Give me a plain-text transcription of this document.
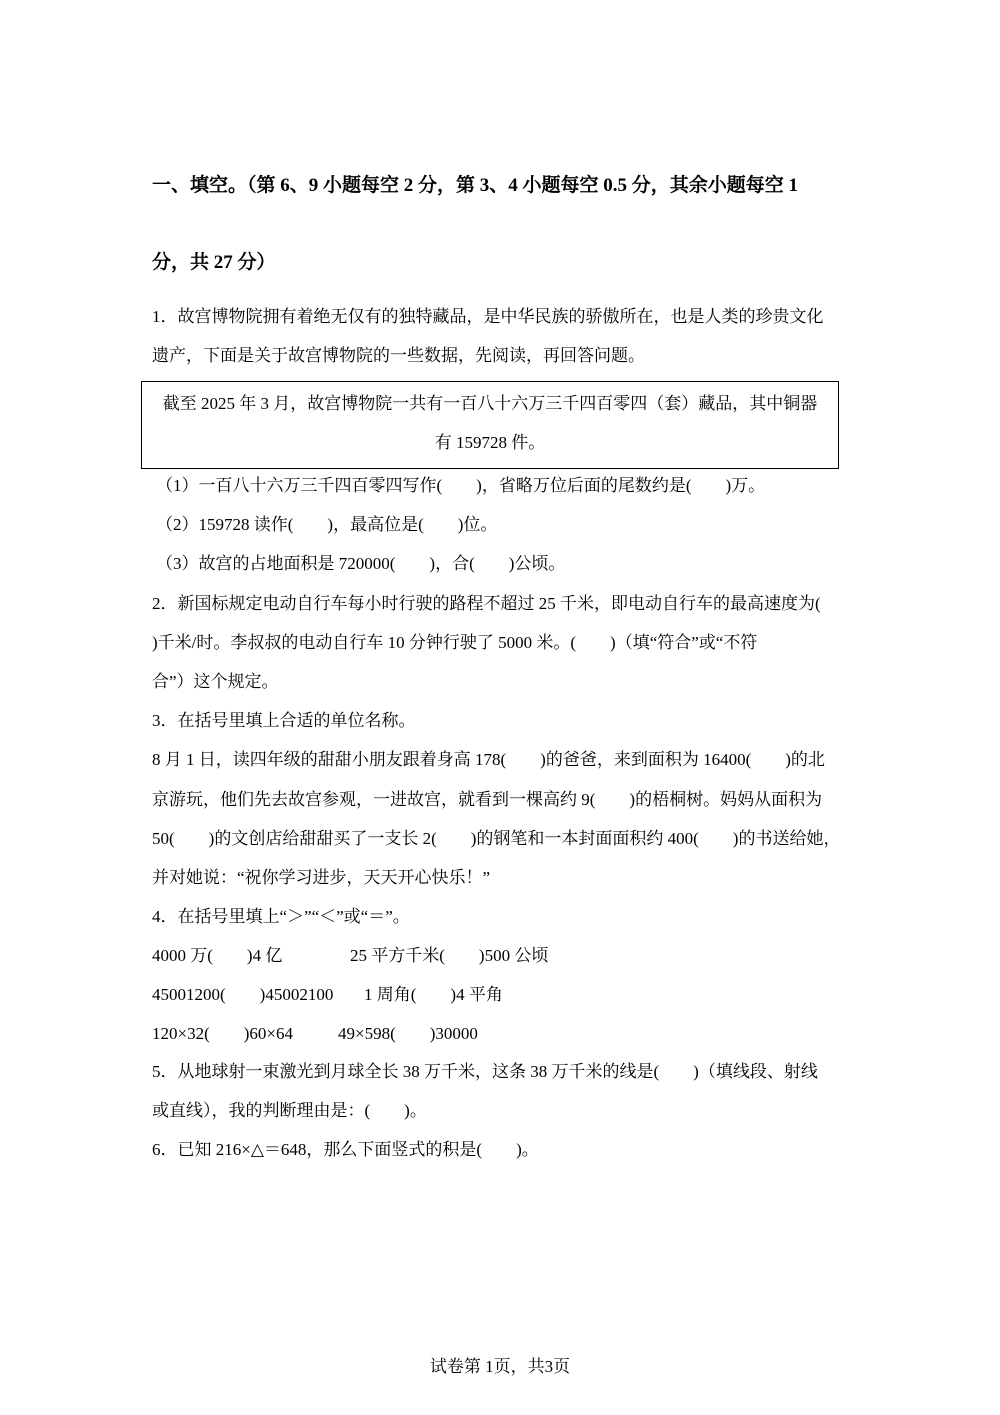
一、填空。（第 6、9 小题每空 2 分，第 3、4 小题每空 0.5 分，其余小题每空 1
分，共 27 分）
1．故宫博物院拥有着绝无仅有的独特藏品，是中华民族的骄傲所在，也是人类的珍贵文化
遗产，下面是关于故宫博物院的一些数据，先阅读，再回答问题。
截至 2025 年 3 月，故宫博物院一共有一百八十六万三千四百零四（套）藏品，其中铜器
有 159728 件。
（1）一百八十六万三千四百零四写作(        )，省略万位后面的尾数约是(        )万。
（2）159728 读作(        )，最高位是(        )位。
（3）故宫的占地面积是 720000(        )，合(        )公顷。
2．新国标规定电动自行车每小时行驶的路程不超过 25 千米，即电动自行车的最高速度为(
)千米/时。李叔叔的电动自行车 10 分钟行驶了 5000 米。(        )（填“符合”或“不符
合”）这个规定。
3．在括号里填上合适的单位名称。
8 月 1 日，读四年级的甜甜小朋友跟着身高 178(        )的爸爸，来到面积为 16400(        )的北
京游玩，他们先去故宫参观，一进故宫，就看到一棵高约 9(        )的梧桐树。妈妈从面积为
50(        )的文创店给甜甜买了一支长 2(        )的钢笔和一本封面面积约 400(        )的书送给她，
并对她说：“祝你学习进步，天天开心快乐！”
4．在括号里填上“＞”“＜”或“＝”。
4000 万(        )4 亿	25 平方千米(        )500 公顷
45001200(        )45002100 1 周角(        )4 平角
120×32(        )60×64	49×598(        )30000
5．从地球射一束激光到月球全长 38 万千米，这条 38 万千米的线是(        )（填线段、射线
或直线），我的判断理由是：(        )。
6．已知 216×△＝648，那么下面竖式的积是(        )。
试卷第 1页，共3页
